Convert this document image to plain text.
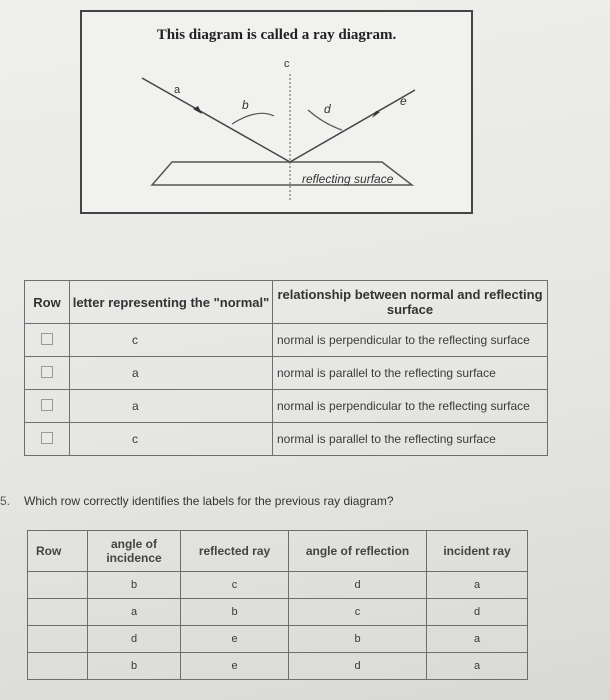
This diagram is called a ray diagram.
c
a
b	d
e
reflecting surface
Row	letter representing the "normal"	relationship between normal and reflecting surface
	c	normal is perpendicular to the reflecting surface
	a	normal is parallel to the reflecting surface
	a	normal is perpendicular to the reflecting surface
	c	normal is parallel to the reflecting surface
5. Which row correctly identifies the labels for the previous ray diagram?
Row	angle of incidence	reflected ray	angle of reflection	incident ray
	b	c	d	a
	a	b	c	d
	d	e	b	a
	b	e	d	a
